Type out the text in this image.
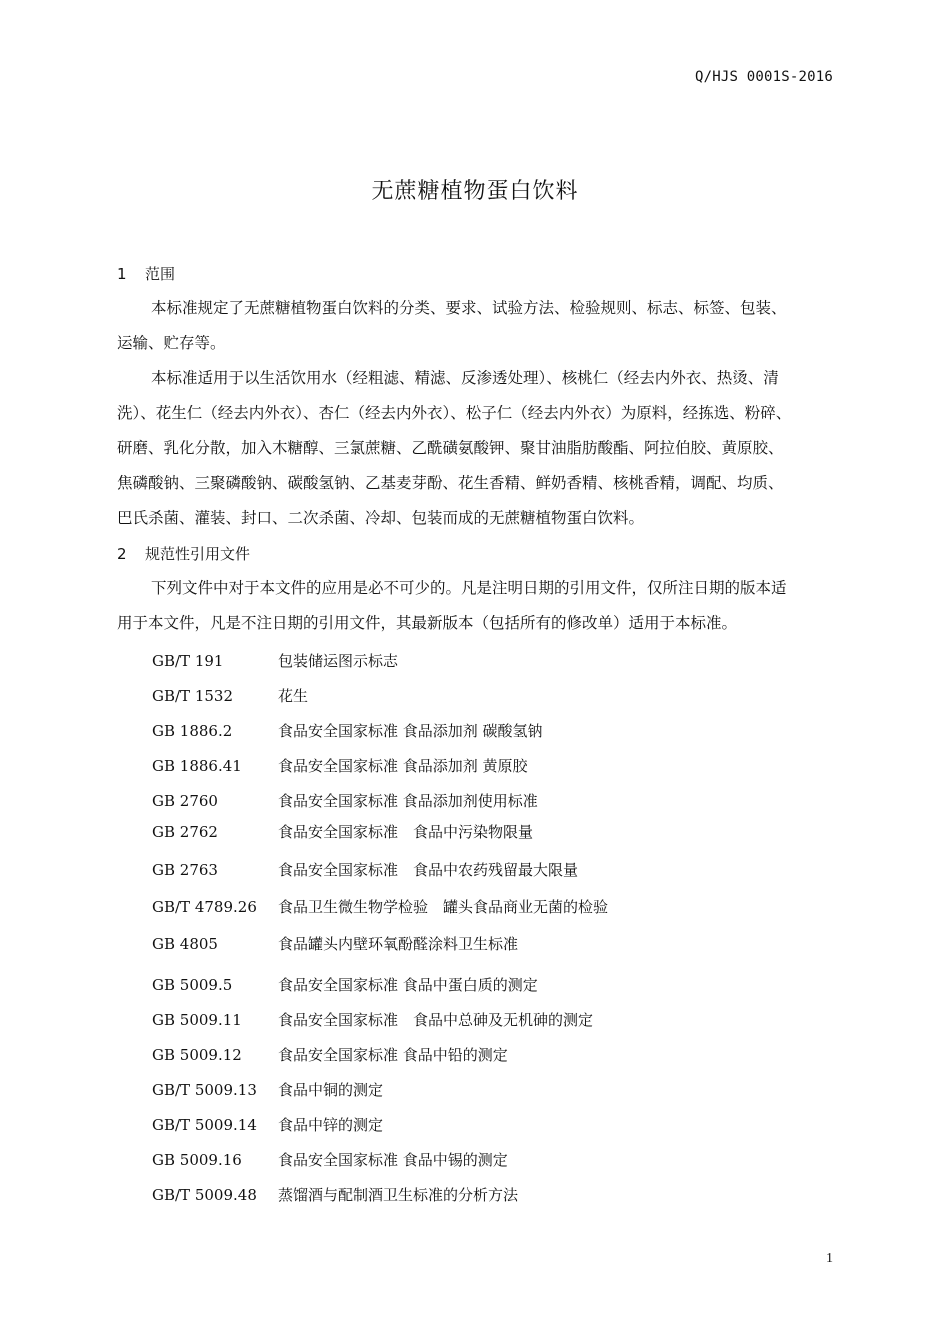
Q/HJS 0001S-2016
无蔗糖植物蛋白饮料
1 范围
本标准规定了无蔗糖植物蛋白饮料的分类、要求、试验方法、检验规则、标志、标签、包装、
运输、贮存等。
本标准适用于以生活饮用水（经粗滤、精滤、反渗透处理）、核桃仁（经去内外衣、热烫、清
洗）、花生仁（经去内外衣）、杏仁（经去内外衣）、松子仁（经去内外衣）为原料，经拣选、粉碎、
研磨、乳化分散，加入木糖醇、三氯蔗糖、乙酰磺氨酸钾、聚甘油脂肪酸酯、阿拉伯胶、黄原胶、
焦磷酸钠、三聚磷酸钠、碳酸氢钠、乙基麦芽酚、花生香精、鲜奶香精、核桃香精，调配、均质、
巴氏杀菌、灌装、封口、二次杀菌、冷却、包装而成的无蔗糖植物蛋白饮料。
2 规范性引用文件
下列文件中对于本文件的应用是必不可少的。凡是注明日期的引用文件，仅所注日期的版本适
用于本文件，凡是不注日期的引用文件，其最新版本（包括所有的修改单）适用于本标准。
GB/T 191	包装储运图示标志
GB/T 1532	花生
GB 1886.2	食品安全国家标准 食品添加剂 碳酸氢钠
GB 1886.41 食品安全国家标准 食品添加剂 黄原胶
GB 2760	食品安全国家标准 食品添加剂使用标准
GB 2762	食品安全国家标准　食品中污染物限量
GB 2763	食品安全国家标准　食品中农药残留最大限量
GB/T 4789.26 食品卫生微生物学检验　罐头食品商业无菌的检验
GB 4805	食品罐头内壁环氧酚醛涂料卫生标准
GB 5009.5	食品安全国家标准 食品中蛋白质的测定
GB 5009.11 食品安全国家标准　食品中总砷及无机砷的测定
GB 5009.12 食品安全国家标准 食品中铅的测定
GB/T 5009.13 食品中铜的测定
GB/T 5009.14 食品中锌的测定
GB 5009.16 食品安全国家标准 食品中锡的测定
GB/T 5009.48 蒸馏酒与配制酒卫生标准的分析方法
1
